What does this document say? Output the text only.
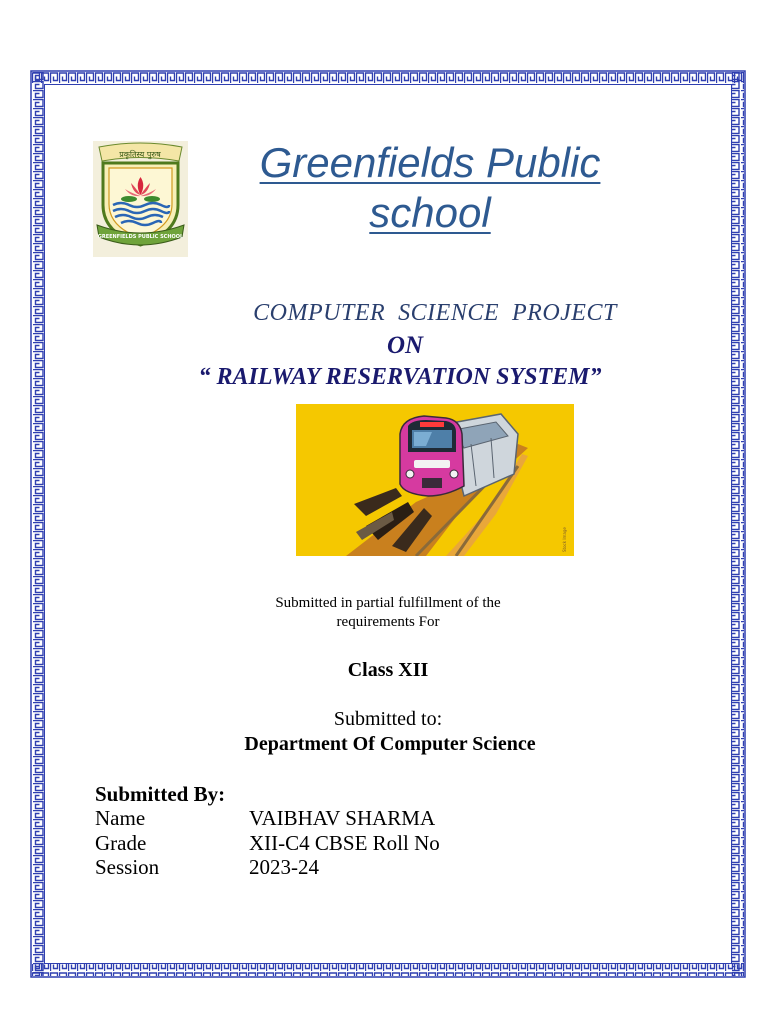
प्रकृतिस्य पुरुष
GREENFIELDS PUBLIC SCHOOL
Greenfields Public
school
COMPUTER  SCIENCE  PROJECT
ON
“ RAILWAY RESERVATION SYSTEM”
Stock Image
Submitted in partial fulfillment of the
requirements For
Class XII
Submitted to:
Department Of Computer Science
Submitted By:
Name	VAIBHAV SHARMA
Grade	XII-C4 CBSE Roll No
Session	2023-24
